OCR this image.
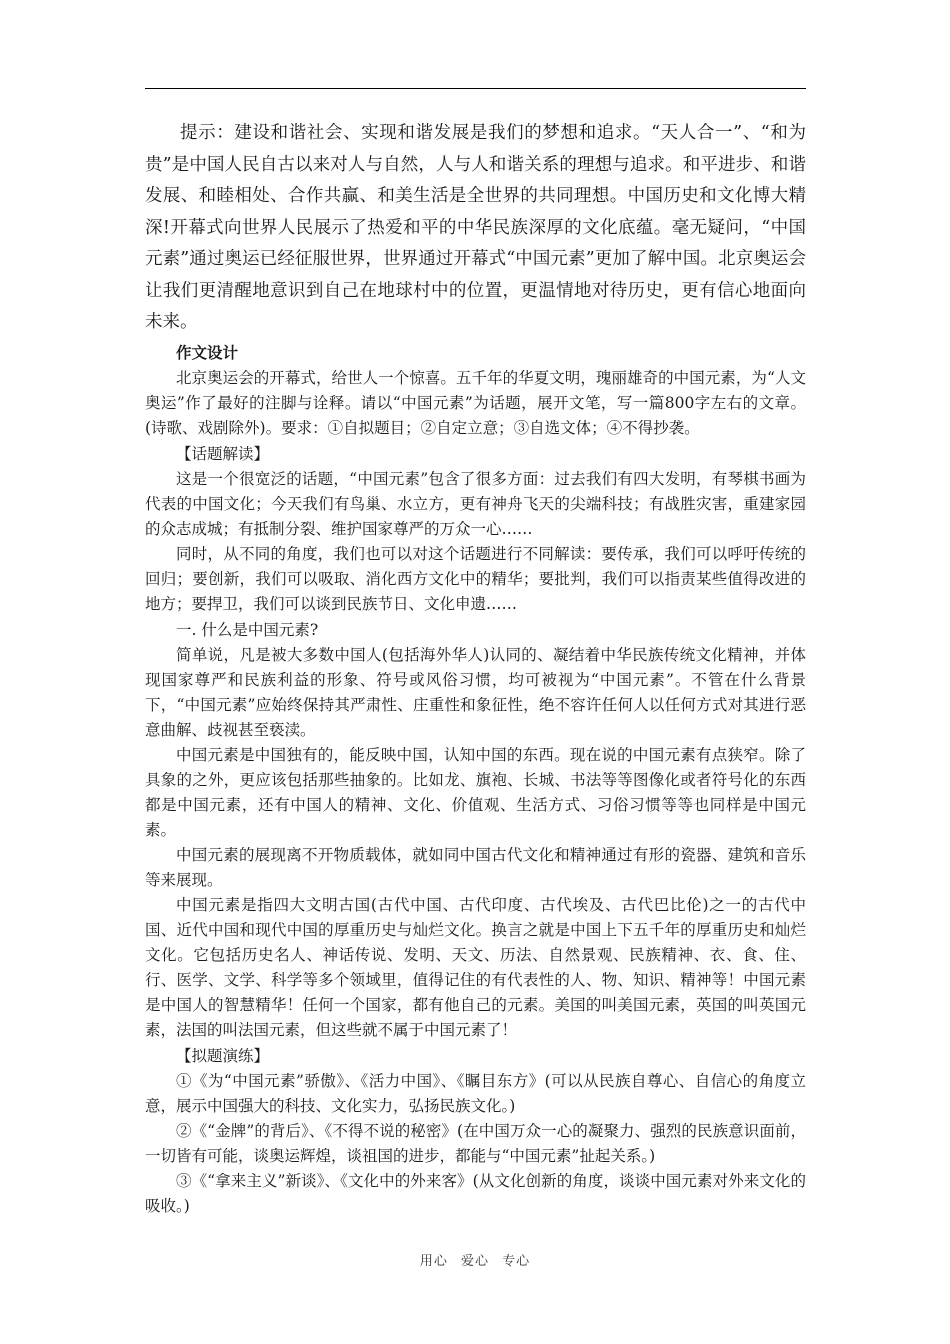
提示：建设和谐社会、实现和谐发展是我们的梦想和追求。“天人合一”、“和为贵”是中国人民自古以来对人与自然，人与人和谐关系的理想与追求。和平进步、和谐发展、和睦相处、合作共赢、和美生活是全世界的共同理想。中国历史和文化博大精深!开幕式向世界人民展示了热爱和平的中华民族深厚的文化底蕴。毫无疑问，“中国元素”通过奥运已经征服世界，世界通过开幕式“中国元素”更加了解中国。北京奥运会让我们更清醒地意识到自己在地球村中的位置，更温情地对待历史，更有信心地面向未来。

作文设计

北京奥运会的开幕式，给世人一个惊喜。五千年的华夏文明，瑰丽雄奇的中国元素，为“人文奥运”作了最好的注脚与诠释。请以“中国元素”为话题，展开文笔，写一篇800字左右的文章。(诗歌、戏剧除外)。要求：①自拟题目；②自定立意；③自选文体；④不得抄袭。

【话题解读】

这是一个很宽泛的话题，“中国元素”包含了很多方面：过去我们有四大发明，有琴棋书画为代表的中国文化；今天我们有鸟巢、水立方，更有神舟飞天的尖端科技；有战胜灾害，重建家园的众志成城；有抵制分裂、维护国家尊严的万众一心……

同时，从不同的角度，我们也可以对这个话题进行不同解读：要传承，我们可以呼吁传统的回归；要创新，我们可以吸取、消化西方文化中的精华；要批判，我们可以指责某些值得改进的地方；要捍卫，我们可以谈到民族节日、文化申遗……

一. 什么是中国元素?

简单说，凡是被大多数中国人(包括海外华人)认同的、凝结着中华民族传统文化精神，并体现国家尊严和民族利益的形象、符号或风俗习惯，均可被视为“中国元素”。不管在什么背景下，“中国元素”应始终保持其严肃性、庄重性和象征性，绝不容许任何人以任何方式对其进行恶意曲解、歧视甚至亵渎。

中国元素是中国独有的，能反映中国，认知中国的东西。现在说的中国元素有点狭窄。除了具象的之外，更应该包括那些抽象的。比如龙、旗袍、长城、书法等等图像化或者符号化的东西都是中国元素，还有中国人的精神、文化、价值观、生活方式、习俗习惯等等也同样是中国元素。

中国元素的展现离不开物质载体，就如同中国古代文化和精神通过有形的瓷器、建筑和音乐等来展现。

中国元素是指四大文明古国(古代中国、古代印度、古代埃及、古代巴比伦)之一的古代中国、近代中国和现代中国的厚重历史与灿烂文化。换言之就是中国上下五千年的厚重历史和灿烂文化。它包括历史名人、神话传说、发明、天文、历法、自然景观、民族精神、衣、食、住、行、医学、文学、科学等多个领域里，值得记住的有代表性的人、物、知识、精神等！中国元素是中国人的智慧精华！任何一个国家，都有他自己的元素。美国的叫美国元素，英国的叫英国元素，法国的叫法国元素，但这些就不属于中国元素了！

【拟题演练】

①《为“中国元素”骄傲》、《活力中国》、《瞩目东方》(可以从民族自尊心、自信心的角度立意，展示中国强大的科技、文化实力，弘扬民族文化。)

②《“金牌”的背后》、《不得不说的秘密》(在中国万众一心的凝聚力、强烈的民族意识面前，一切皆有可能，谈奥运辉煌，谈祖国的进步，都能与“中国元素”扯起关系。)

③《“拿来主义”新谈》、《文化中的外来客》(从文化创新的角度，谈谈中国元素对外来文化的吸收。)

用心 爱心 专心
